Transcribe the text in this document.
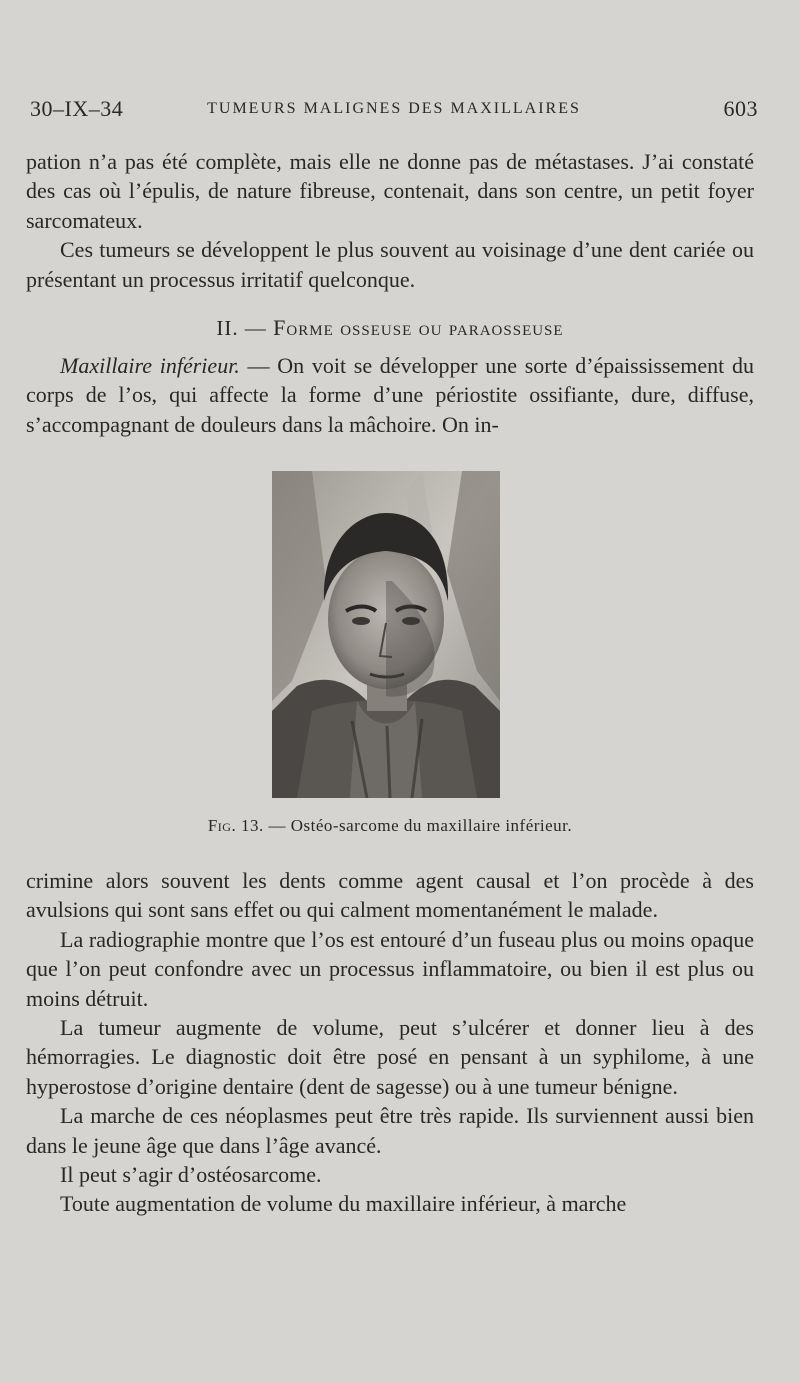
30–IX–34	TUMEURS MALIGNES DES MAXILLAIRES	603

pation n’a pas été complète, mais elle ne donne pas de métastases. J’ai constaté des cas où l’épulis, de nature fibreuse, contenait, dans son centre, un petit foyer sarcomateux.

Ces tumeurs se développent le plus souvent au voisinage d’une dent cariée ou présentant un processus irritatif quelconque.

II. — Forme osseuse ou paraosseuse

Maxillaire inférieur. — On voit se développer une sorte d’épaississement du corps de l’os, qui affecte la forme d’une périostite ossifiante, dure, diffuse, s’accompagnant de douleurs dans la mâchoire. On in-

Fig. 13. — Ostéo-sarcome du maxillaire inférieur.

crimine alors souvent les dents comme agent causal et l’on procède à des avulsions qui sont sans effet ou qui calment momentanément le malade.

La radiographie montre que l’os est entouré d’un fuseau plus ou moins opaque que l’on peut confondre avec un processus inflammatoire, ou bien il est plus ou moins détruit.

La tumeur augmente de volume, peut s’ulcérer et donner lieu à des hémorragies. Le diagnostic doit être posé en pensant à un syphilome, à une hyperostose d’origine dentaire (dent de sagesse) ou à une tumeur bénigne.

La marche de ces néoplasmes peut être très rapide. Ils surviennent aussi bien dans le jeune âge que dans l’âge avancé.

Il peut s’agir d’ostéosarcome.

Toute augmentation de volume du maxillaire inférieur, à marche
